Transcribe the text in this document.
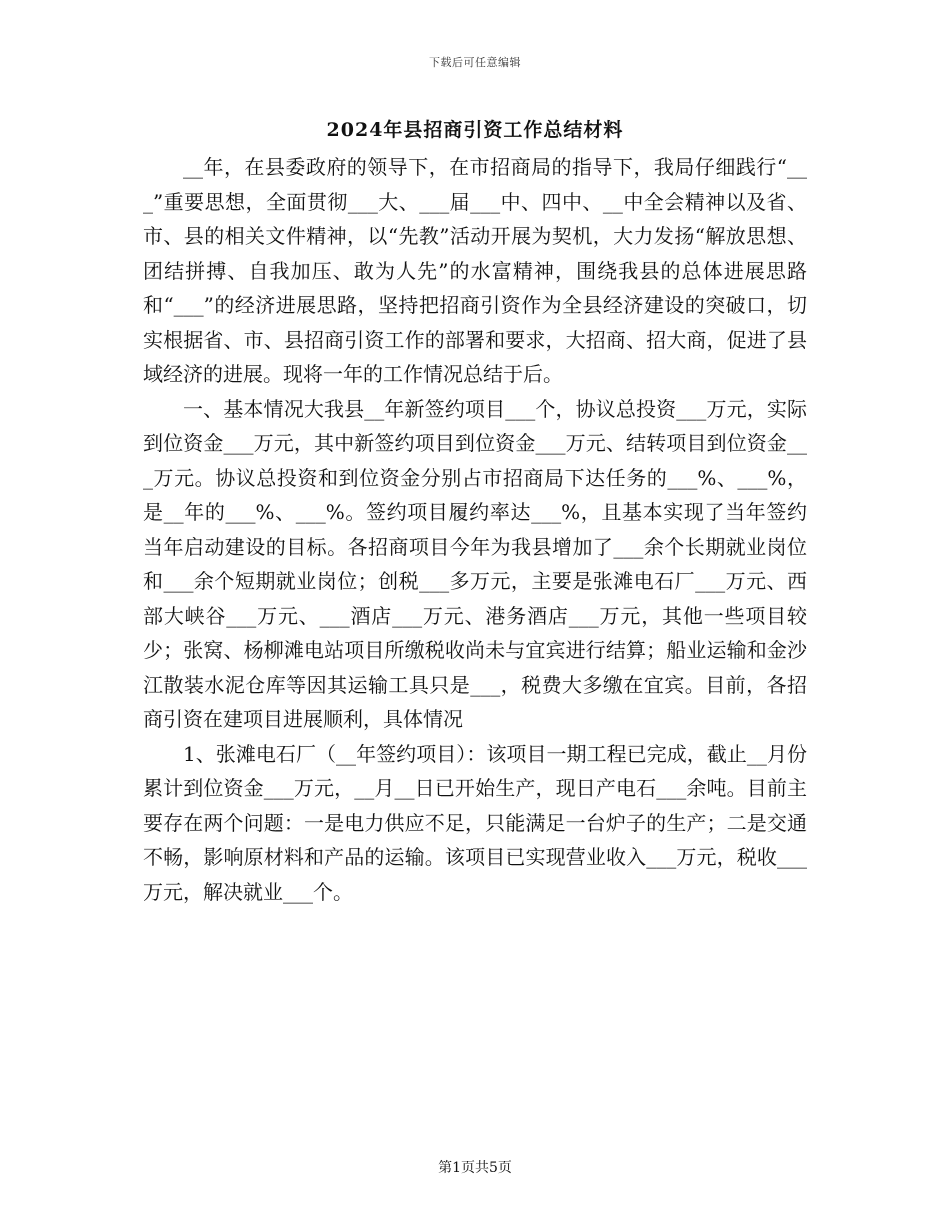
下载后可任意编辑
2024年县招商引资工作总结材料

__年，在县委政府的领导下，在市招商局的指导下，我局仔细践行“___”重要思想，全面贯彻___大、___届___中、四中、__中全会精神以及省、市、县的相关文件精神，以“先教”活动开展为契机，大力发扬“解放思想、团结拼搏、自我加压、敢为人先”的水富精神，围绕我县的总体进展思路和“___”的经济进展思路，坚持把招商引资作为全县经济建设的突破口，切实根据省、市、县招商引资工作的部署和要求，大招商、招大商，促进了县域经济的进展。现将一年的工作情况总结于后。

一、基本情况大我县__年新签约项目___个，协议总投资___万元，实际到位资金___万元，其中新签约项目到位资金___万元、结转项目到位资金___万元。协议总投资和到位资金分别占市招商局下达任务的___%、___%，是__年的___%、___%。签约项目履约率达___%，且基本实现了当年签约当年启动建设的目标。各招商项目今年为我县增加了___余个长期就业岗位和___余个短期就业岗位；创税___多万元，主要是张滩电石厂___万元、西部大峡谷___万元、___酒店___万元、港务酒店___万元，其他一些项目较少；张窝、杨柳滩电站项目所缴税收尚未与宜宾进行结算；船业运输和金沙江散装水泥仓库等因其运输工具只是___，税费大多缴在宜宾。目前，各招商引资在建项目进展顺利，具体情况

1、张滩电石厂（__年签约项目）：该项目一期工程已完成，截止__月份累计到位资金___万元，__月__日已开始生产，现日产电石___余吨。目前主要存在两个问题：一是电力供应不足，只能满足一台炉子的生产；二是交通不畅，影响原材料和产品的运输。该项目已实现营业收入___万元，税收___万元，解决就业___个。

第1页共5页
